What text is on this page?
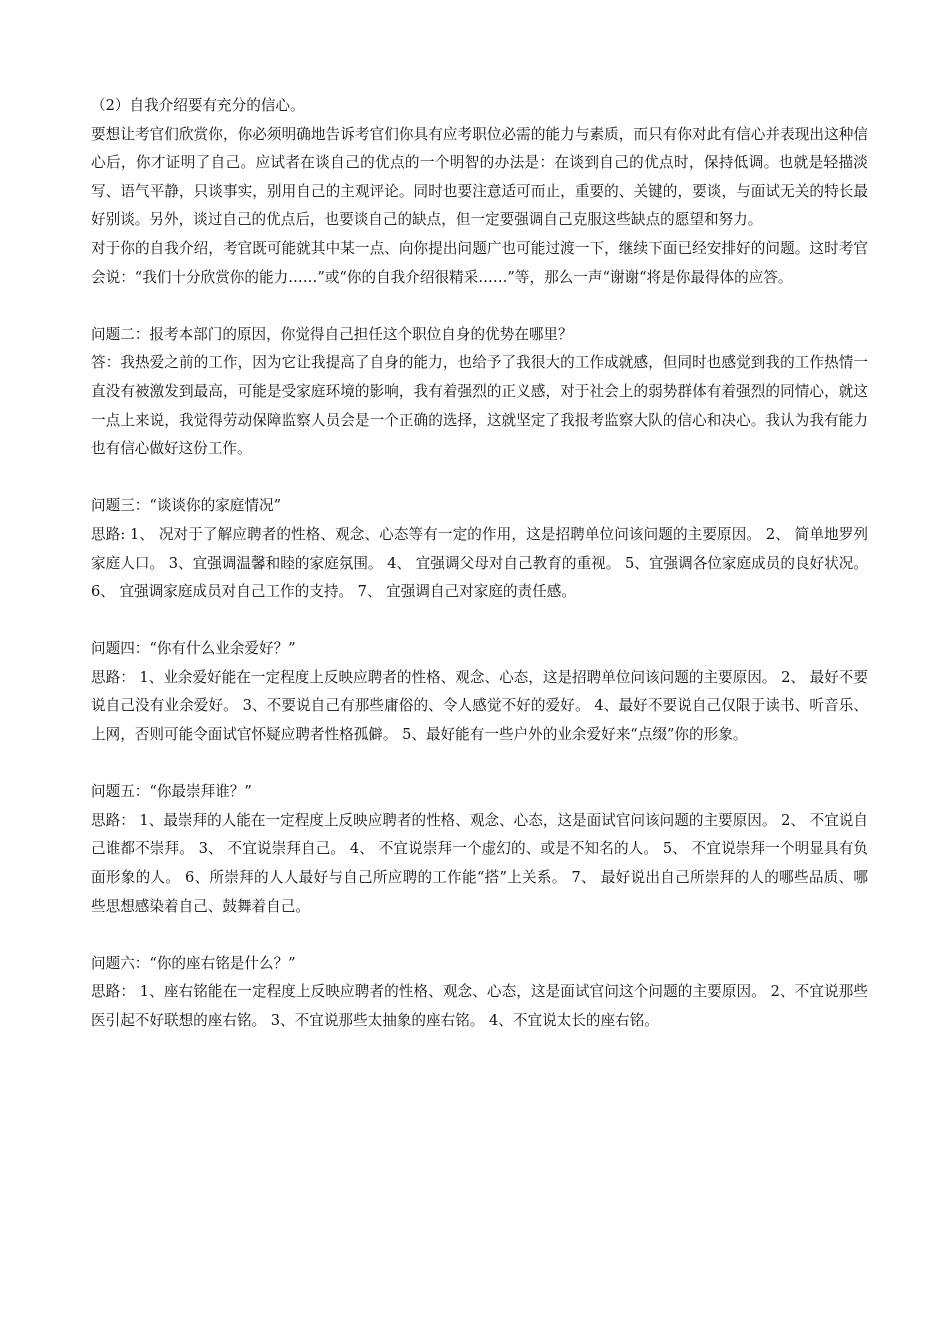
（2）自我介绍要有充分的信心。

要想让考官们欣赏你，你必须明确地告诉考官们你具有应考职位必需的能力与素质，而只有你对此有信心并表现出这种信心后，你才证明了自己。应试者在谈自己的优点的一个明智的办法是：在谈到自己的优点时，保持低调。也就是轻描淡写、语气平静，只谈事实，别用自己的主观评论。同时也要注意适可而止，重要的、关键的，要谈，与面试无关的特长最好别谈。另外，谈过自己的优点后，也要谈自己的缺点，但一定要强调自己克服这些缺点的愿望和努力。

对于你的自我介绍，考官既可能就其中某一点、向你提出问题广也可能过渡一下，继续下面已经安排好的问题。这时考官会说：“我们十分欣赏你的能力……”或“你的自我介绍很精采……”等，那么一声“谢谢“将是你最得体的应答。

问题二：报考本部门的原因，你觉得自己担任这个职位自身的优势在哪里？

答：我热爱之前的工作，因为它让我提高了自身的能力，也给予了我很大的工作成就感，但同时也感觉到我的工作热情一直没有被激发到最高，可能是受家庭环境的影响，我有着强烈的正义感，对于社会上的弱势群体有着强烈的同情心，就这一点上来说，我觉得劳动保障监察人员会是一个正确的选择，这就坚定了我报考监察大队的信心和决心。我认为我有能力也有信心做好这份工作。

问题三：“谈谈你的家庭情况”

思路: 1、 况对于了解应聘者的性格、观念、心态等有一定的作用，这是招聘单位问该问题的主要原因。 2、 简单地罗列家庭人口。 3、宜强调温馨和睦的家庭氛围。 4、 宜强调父母对自己教育的重视。 5、宜强调各位家庭成员的良好状况。 6、 宜强调家庭成员对自己工作的支持。 7、 宜强调自己对家庭的责任感。

问题四：“你有什么业余爱好？”

思路： 1、业余爱好能在一定程度上反映应聘者的性格、观念、心态，这是招聘单位问该问题的主要原因。 2、 最好不要说自己没有业余爱好。 3、不要说自己有那些庸俗的、令人感觉不好的爱好。 4、最好不要说自己仅限于读书、听音乐、上网，否则可能令面试官怀疑应聘者性格孤僻。 5、最好能有一些户外的业余爱好来“点缀”你的形象。

问题五：“你最崇拜谁？”

思路： 1、最崇拜的人能在一定程度上反映应聘者的性格、观念、心态，这是面试官问该问题的主要原因。 2、 不宜说自己谁都不崇拜。 3、 不宜说崇拜自己。 4、 不宜说崇拜一个虚幻的、或是不知名的人。 5、 不宜说崇拜一个明显具有负面形象的人。 6、所崇拜的人人最好与自己所应聘的工作能“搭”上关系。 7、 最好说出自己所崇拜的人的哪些品质、哪些思想感染着自己、鼓舞着自己。

问题六：“你的座右铭是什么？”

思路： 1、座右铭能在一定程度上反映应聘者的性格、观念、心态，这是面试官问这个问题的主要原因。 2、不宜说那些医引起不好联想的座右铭。 3、不宜说那些太抽象的座右铭。 4、不宜说太长的座右铭。
